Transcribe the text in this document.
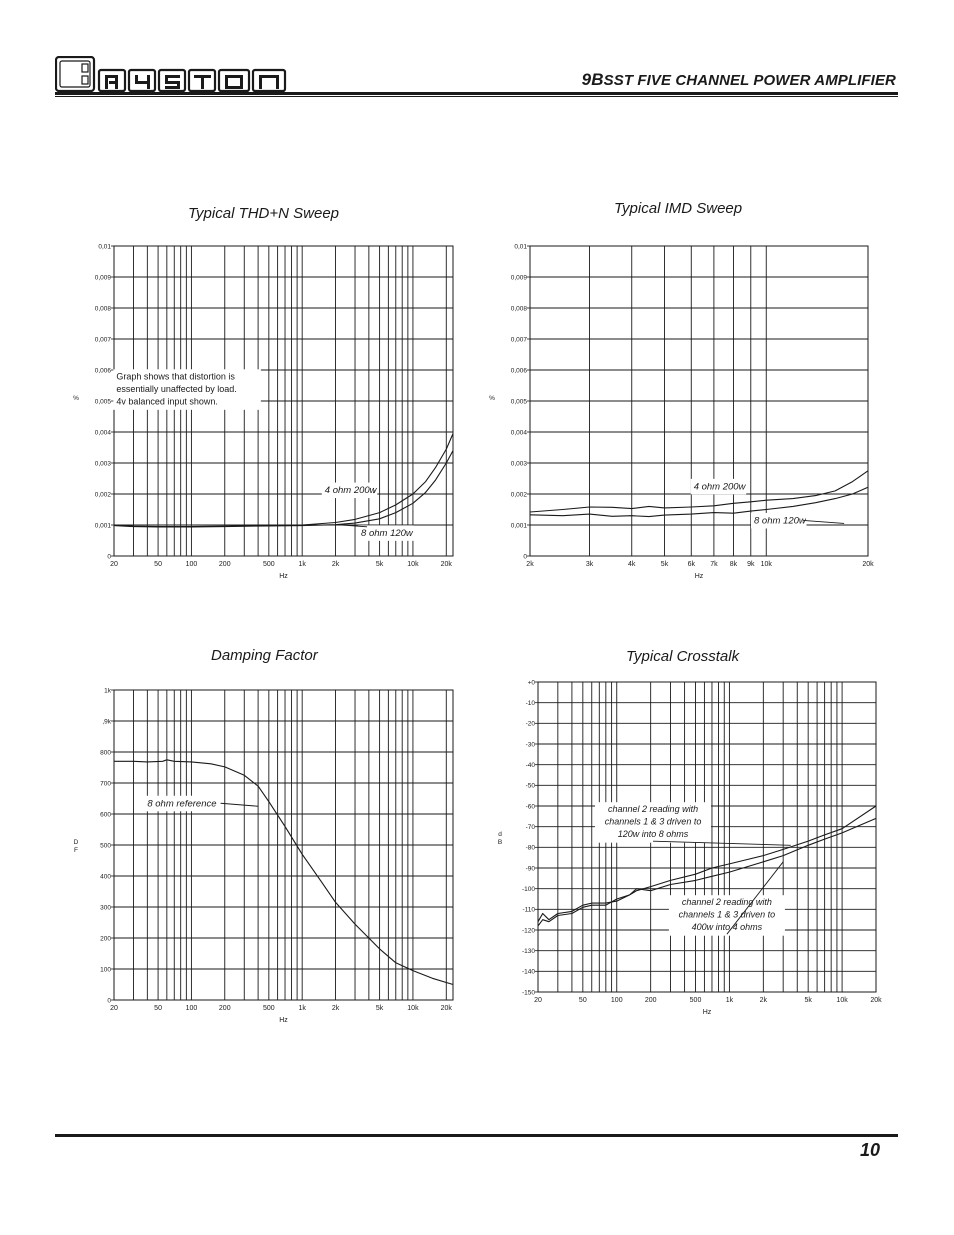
9BSST FIVE CHANNEL POWER AMPLIFIER
Typical THD+N Sweep	Typical IMD Sweep
Damping Factor	Typical Crosstalk
20	50	100	200	500	1k	2k	5k	10k	20k
0
0,001
0,002
0,003
0,004
0,005
0,006
0,007
0,008
0,009
0,01
Hz
%
Graph shows that distortion is essentially unaffected by load. 4v balanced input shown.
4 ohm 200w
8 ohm 120w
2k	3k	4k	5k	6k 7k 8k 9k 10k	20k
0
0,001
0,002
0,003
0,004
0,005
0,006
0,007
0,008
0,009
0,01
Hz
%
4 ohm 200w
8 ohm 120w
20	50	100	200	500	1k	2k	5k	10k	20k
0
100
200
300
400
500
600
700
800
,9k
1k
Hz
D F
8 ohm reference
20	50	100	200	500	1k	2k	5k	10k	20k
+0
-10
-20
-30
-40
-50
-60
-70
-80
-90
-100
-110
-120
-130
-140
-150
Hz
d B
channel 2 reading with channels 1 & 3 driven to 120w into 8 ohms
channel 2 reading with channels 1 & 3 driven to 400w into 4 ohms
10
